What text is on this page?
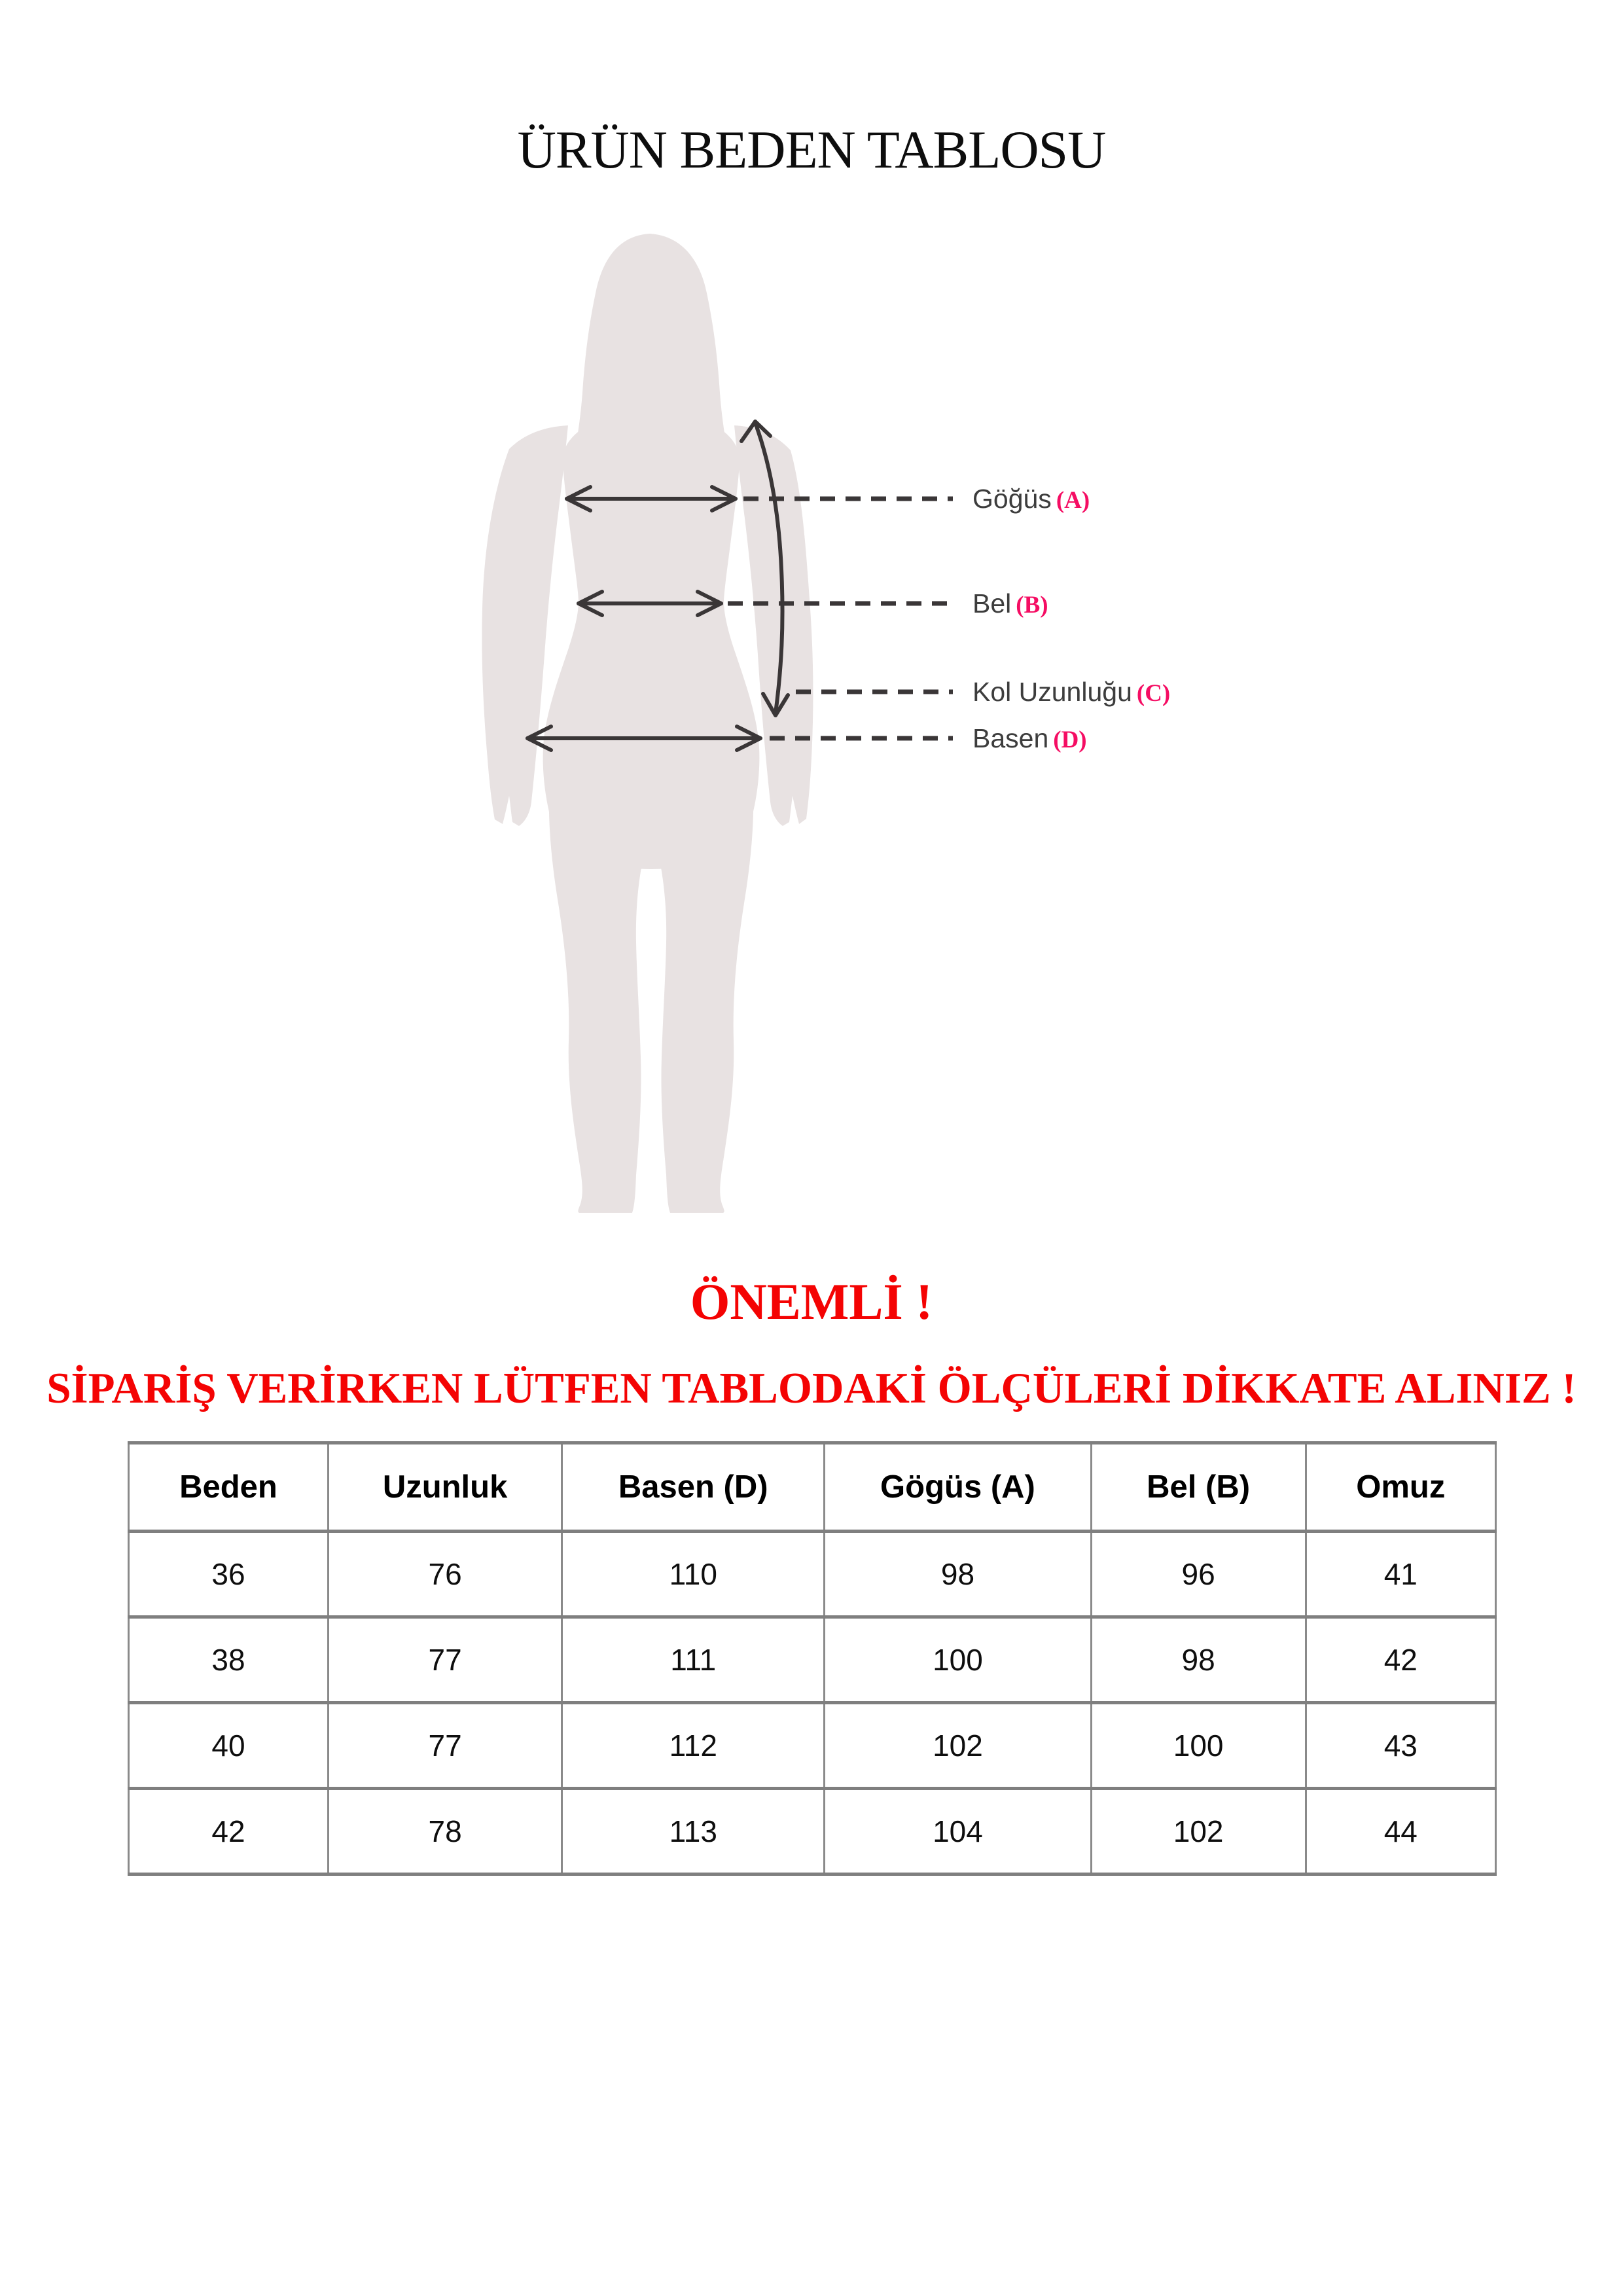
ÜRÜN BEDEN TABLOSU
Göğüs (A)
Bel (B)
Kol Uzunluğu (C)
Basen (D)
ÖNEMLİ !
SİPARİŞ VERİRKEN LÜTFEN TABLODAKİ ÖLÇÜLERİ DİKKATE ALINIZ !
Beden	Uzunluk	Basen (D)	Gögüs (A)	Bel (B)	Omuz
36	76	110	98	96	41
38	77	111	100	98	42
40	77	112	102	100	43
42	78	113	104	102	44
